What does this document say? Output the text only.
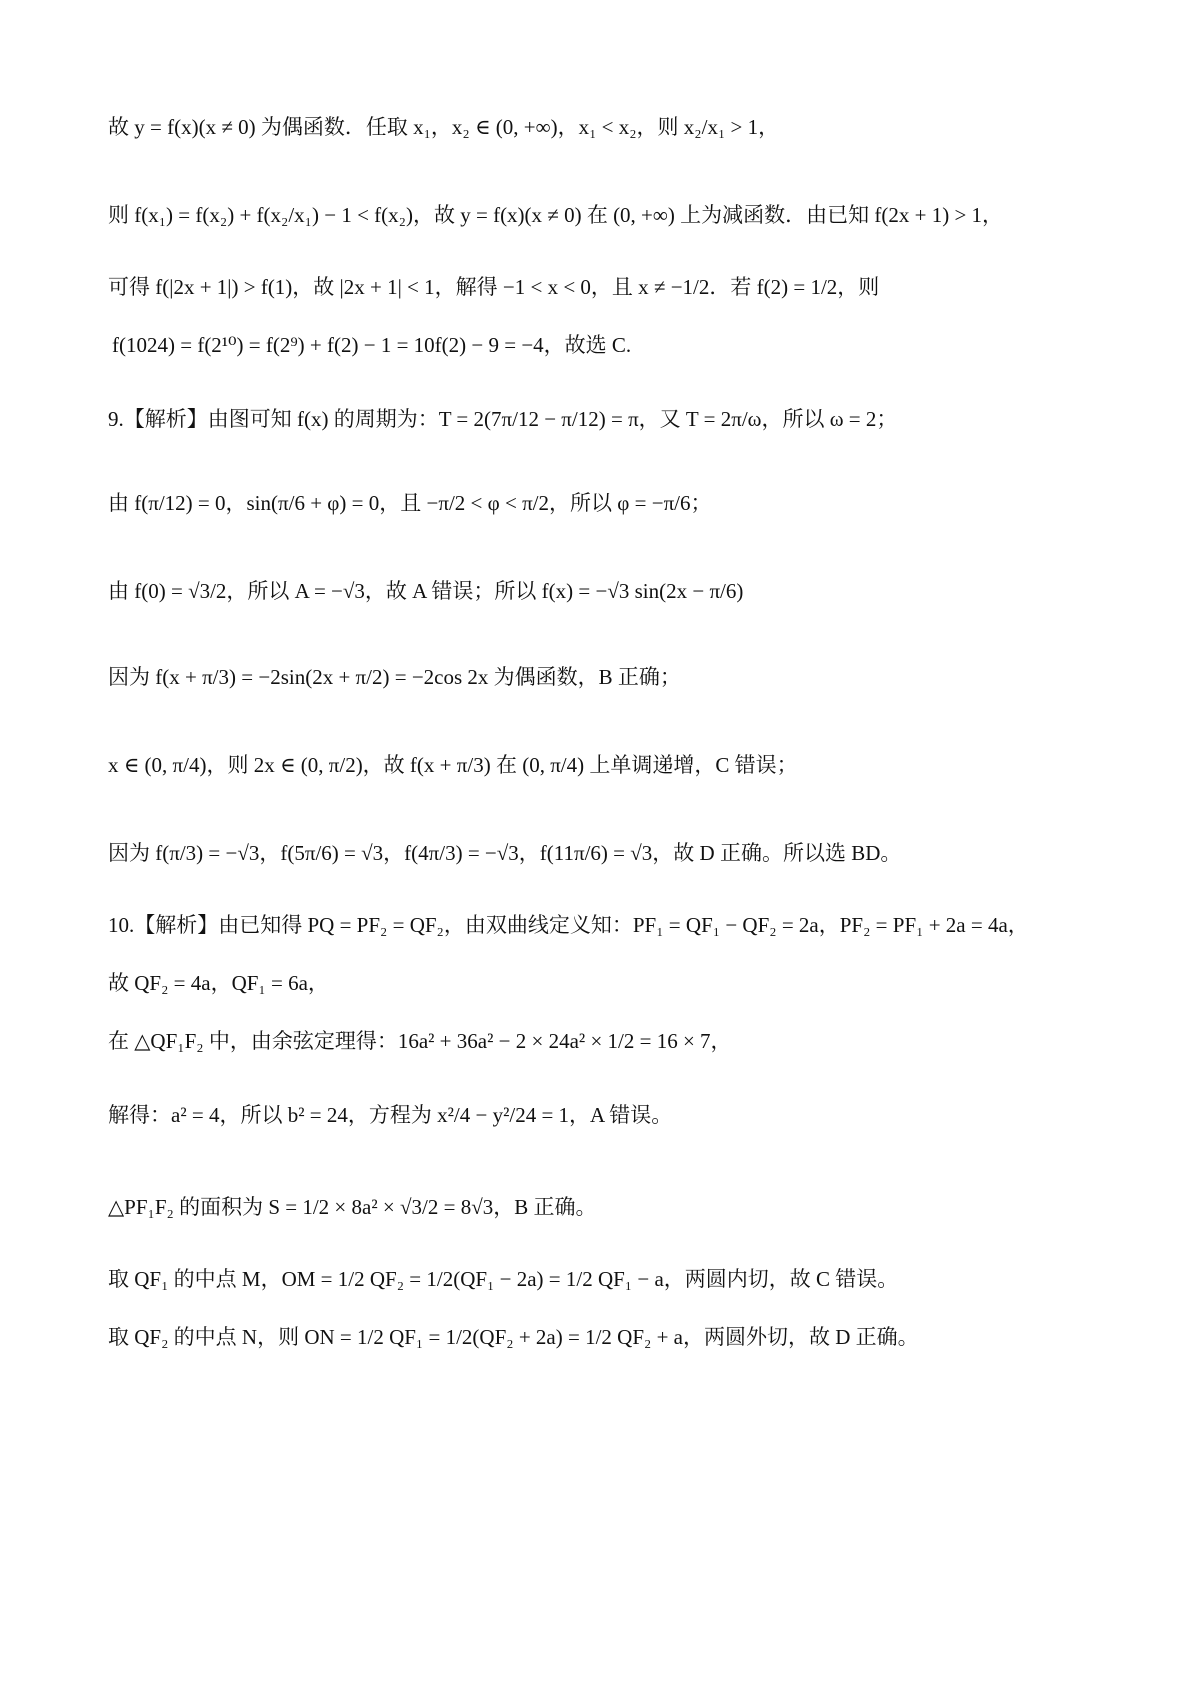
故 y = f(x)(x ≠ 0) 为偶函数．任取 x₁，x₂ ∈ (0, +∞)，x₁ < x₂，则 x₂/x₁ > 1，
则 f(x₁) = f(x₂) + f(x₂/x₁) − 1 < f(x₂)，故 y = f(x)(x ≠ 0) 在 (0, +∞) 上为减函数．由已知 f(2x + 1) > 1，
可得 f(|2x + 1|) > f(1)，故 |2x + 1| < 1，解得 −1 < x < 0，且 x ≠ −1/2．若 f(2) = 1/2，则
f(1024) = f(2¹⁰) = f(2⁹) + f(2) − 1 = 10f(2) − 9 = −4，故选 C.
9.【解析】由图可知 f(x) 的周期为：T = 2(7π/12 − π/12) = π，又 T = 2π/ω，所以 ω = 2；
由 f(π/12) = 0，sin(π/6 + φ) = 0，且 −π/2 < φ < π/2，所以 φ = −π/6；
由 f(0) = √3/2，所以 A = −√3，故 A 错误；所以 f(x) = −√3 sin(2x − π/6)
因为 f(x + π/3) = −2sin(2x + π/2) = −2cos 2x 为偶函数，B 正确；
x ∈ (0, π/4)，则 2x ∈ (0, π/2)，故 f(x + π/3) 在 (0, π/4) 上单调递增，C 错误；
因为 f(π/3) = −√3，f(5π/6) = √3，f(4π/3) = −√3，f(11π/6) = √3，故 D 正确。所以选 BD。
10.【解析】由已知得 PQ = PF₂ = QF₂，由双曲线定义知：PF₁ = QF₁ − QF₂ = 2a，PF₂ = PF₁ + 2a = 4a，
故 QF₂ = 4a，QF₁ = 6a，
在 △QF₁F₂ 中，由余弦定理得：16a² + 36a² − 2 × 24a² × 1/2 = 16 × 7，
解得：a² = 4，所以 b² = 24，方程为 x²/4 − y²/24 = 1，A 错误。
△PF₁F₂ 的面积为 S = 1/2 × 8a² × √3/2 = 8√3，B 正确。
取 QF₁ 的中点 M，OM = 1/2 QF₂ = 1/2(QF₁ − 2a) = 1/2 QF₁ − a，两圆内切，故 C 错误。
取 QF₂ 的中点 N，则 ON = 1/2 QF₁ = 1/2(QF₂ + 2a) = 1/2 QF₂ + a，两圆外切，故 D 正确。
